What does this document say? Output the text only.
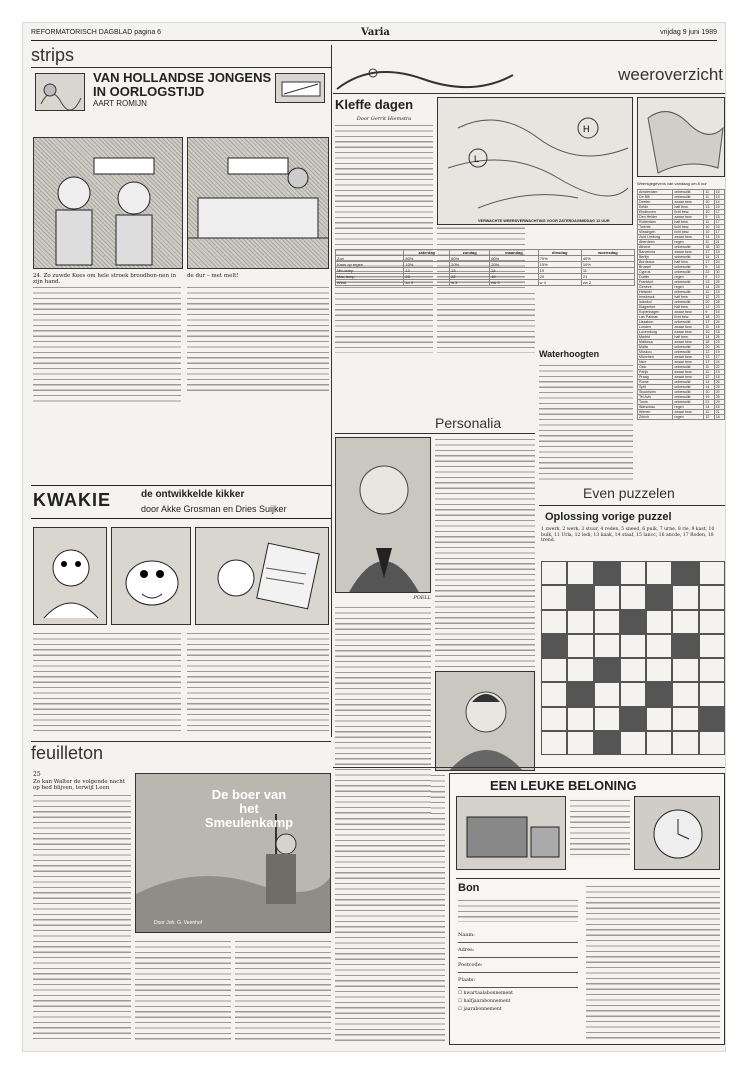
REFORMATORISCH DAGBLAD pagina 6	Varia	vrijdag 9 juni 1989
strips
VAN HOLLANDSE JONGENS
IN OORLOGSTIJD
AART ROMIJN
24. Zo zuwde Kees om hele stroek broodbon-nen in zijn hand.
de dur – met melt!
KWAKIE	de ontwikkelde kikker
door Akke Grosman en Dries Suijker
feuilleton
25
Zo kan Walter de volgende nacht op bed blijven, terwijl Leen	De boer van het Smeulenkamp
Door Joh. G. Veenhof
weeroverzicht
Kleffe dagen
Door Gerrit Hiemstra
H
L
VERWACHTE WEERSVERWACHTING VOOR ZATERDAGMIDDAG 12 UUR
	zaterdag	zondag	maandag	dinsdag	woensdag
Zon	80%	60%	60%	70%	40%
Kans op regen	10%	20%	20%	15%	10%
Min.temp	12	13	14	10	11
Max.temp	23	22	19	20	21
Wind	zo 3	w 3	nw 3	w 4	zw 2
Weersgegevens van vandaag om 8 uur
Amsterdam	onbewolkt	11	16
De Bilt	onbewolkt	11	15
Deelen	zwaar bew.	10	14
Eelde	half bew.	13	15
Eindhoven	licht bew.	10	17
Den Helder	zwaar bew.	9	15
Rotterdam	half bew.	11	17
Twente	licht bew.	10	15
Vlissingen	licht bew.	10	17
Zuid Limburg	zwaar bew.	14	15
Aberdeen	regen	11	21
Athene	onbewolkt	18	30
Barcelona	zwaar bew.	17	19
Berlijn	onbewolkt	14	21
Bordeaux	half bew.	17	24
Brussel	onbewolkt	9	18
Cyprus	onbewolkt	22	30
Dublin	regen	9	12
Frankfurt	onbewolkt	13	25
Genève	regen	14	25
Helsinki	onbewolkt	11	19
Innsbruck	half bew.	12	23
Istanbul	onbewolkt	20	28
Klagenfurt	half bew.	12	23
Kopenhagen	zwaar bew.	9	16
Las Palmas	licht bew.	18	23
Lissabon	onbewolkt	17	24
Londen	zwaar bew.	11	16
Luxemburg	zwaar bew.	10	18
Madrid	half bew.	14	25
Mallorca	zwaar bew.	18	23
Malta	onbewolkt	20	26
Moskou	onbewolkt	12	19
München	zwaar bew.	13	17
Nice	zwaar bew.	17	24
Oslo	onbewolkt	11	22
Parijs	zwaar bew.	11	19
Praag	zwaar bew.	12	18
Rome	onbewolkt	14	26
Split	onbewolkt	14	25
Stockholm	onbewolkt	10	20
Tel Aviv	onbewolkt	19	28
Tunis	onbewolkt	21	29
Warschau	regen	14	16
Wenen	zwaar bew.	11	21
Zürich	regen	12	18
Waterhoogten
Personalia
POELL
Even puzzelen
Oplossing vorige puzzel
1 zwerk, 2 werk, 3 stuur, 4 reden, 5 sneed, 6 puik, 7 urne, 8 rie, 9 kast, 10 bulk, 11 Urla, 12 ledi, 13 kaak, 14 staaf, 15 lancc, 16 ancde, 17 Roden, 18 trend.
EEN LEUKE BELONING
Bon
Naam:
Adres:
Postcode:
Plaats:
☐ kwartaalabonnement
☐ halfjaarabonnement
☐ jaarabonnement
